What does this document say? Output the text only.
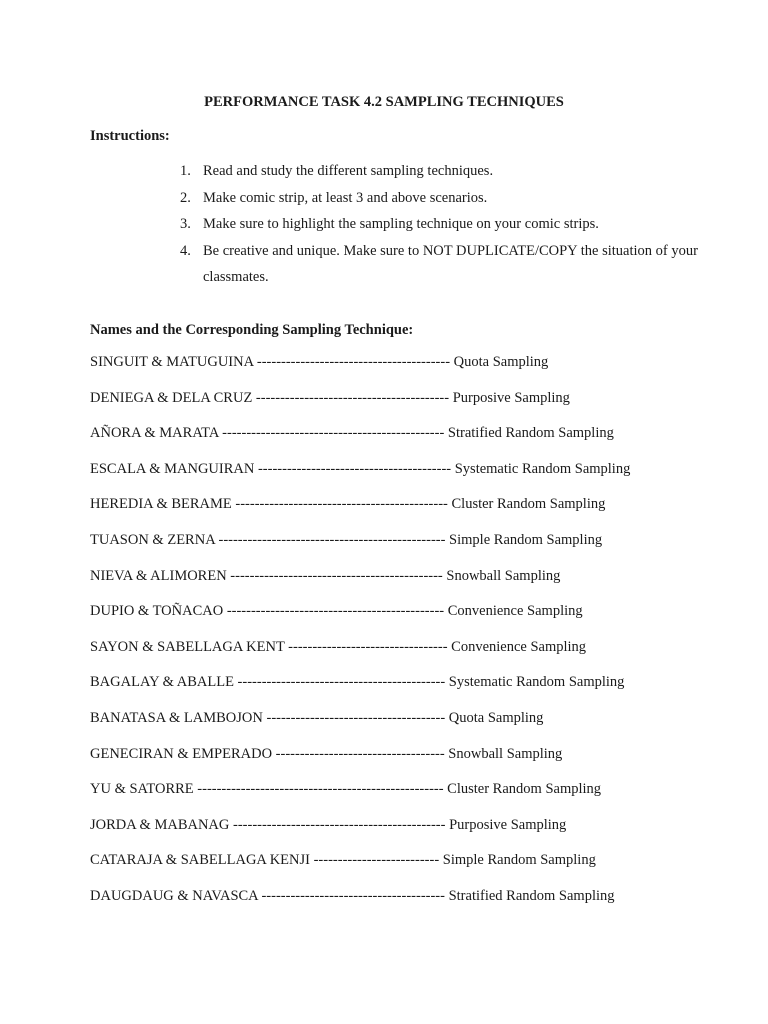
PERFORMANCE TASK 4.2 SAMPLING TECHNIQUES

Instructions:

1. Read and study the different sampling techniques.
2. Make comic strip, at least 3 and above scenarios.
3. Make sure to highlight the sampling technique on your comic strips.
4. Be creative and unique. Make sure to NOT DUPLICATE/COPY the situation of your classmates.

Names and the Corresponding Sampling Technique:

SINGUIT & MATUGUINA ---------------------------------------- Quota Sampling
DENIEGA & DELA CRUZ ---------------------------------------- Purposive Sampling
AÑORA & MARATA ---------------------------------------------- Stratified Random Sampling
ESCALA & MANGUIRAN ---------------------------------------- Systematic Random Sampling
HEREDIA & BERAME -------------------------------------------- Cluster Random Sampling
TUASON & ZERNA ----------------------------------------------- Simple Random Sampling
NIEVA & ALIMOREN -------------------------------------------- Snowball Sampling
DUPIO & TOÑACAO --------------------------------------------- Convenience Sampling
SAYON & SABELLAGA KENT --------------------------------- Convenience Sampling
BAGALAY & ABALLE ------------------------------------------- Systematic Random Sampling
BANATASA & LAMBOJON ------------------------------------- Quota Sampling
GENECIRAN & EMPERADO ----------------------------------- Snowball Sampling
YU & SATORRE --------------------------------------------------- Cluster Random Sampling
JORDA & MABANAG -------------------------------------------- Purposive Sampling
CATARAJA & SABELLAGA KENJI -------------------------- Simple Random Sampling
DAUGDAUG & NAVASCA -------------------------------------- Stratified Random Sampling
